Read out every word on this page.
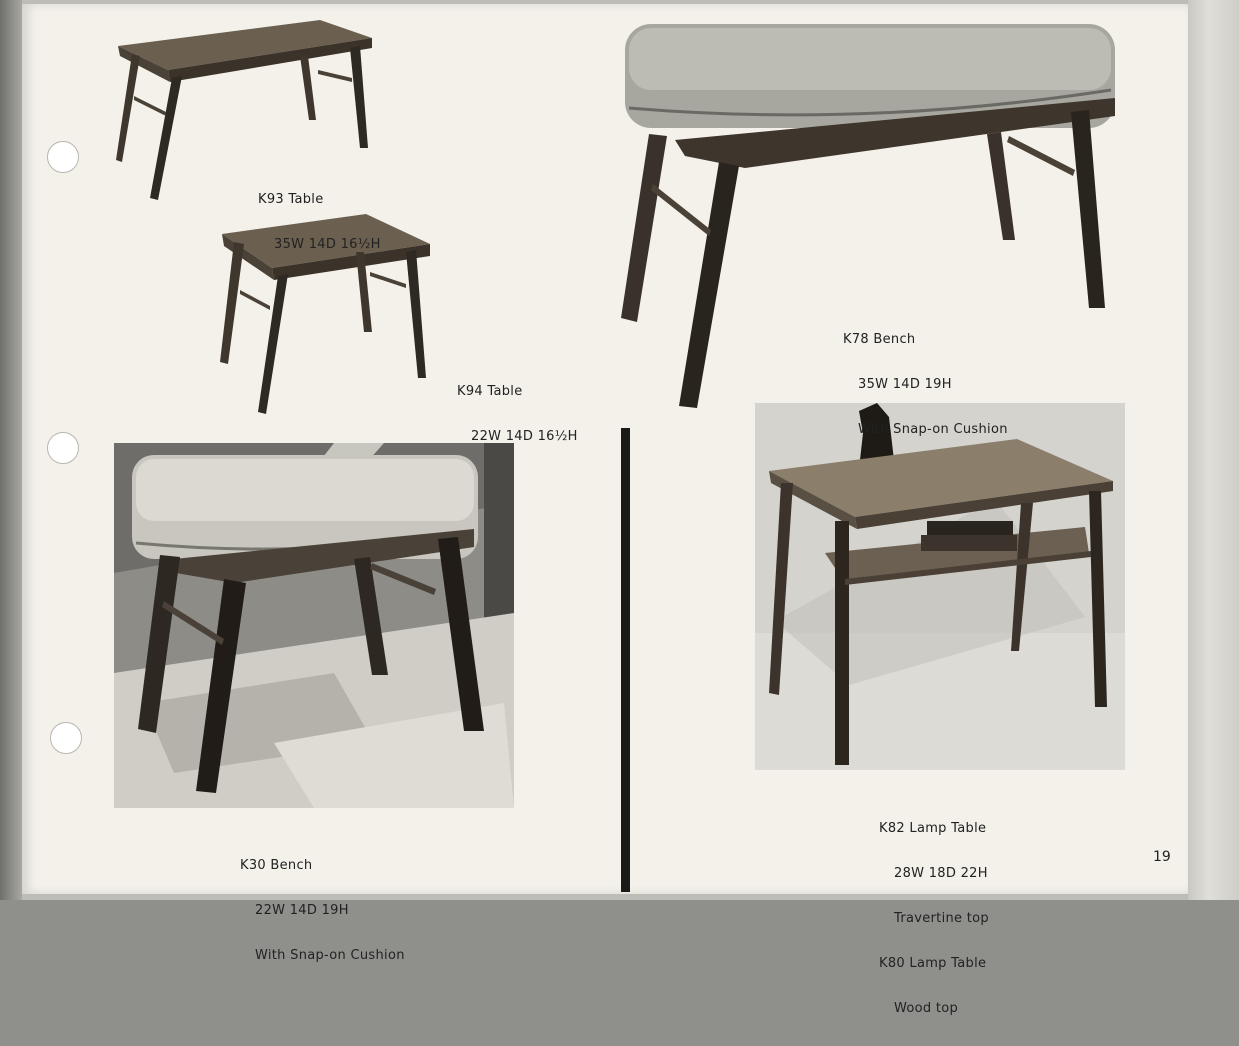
K93 Table

35W 14D 16½H

K94 Table

22W 14D 16½H

K78 Bench

35W 14D 19H

With Snap-on Cushion

K30 Bench

22W 14D 19H

With Snap-on Cushion

K82 Lamp Table

28W 18D 22H

Travertine top

K80 Lamp Table

Wood top

19
